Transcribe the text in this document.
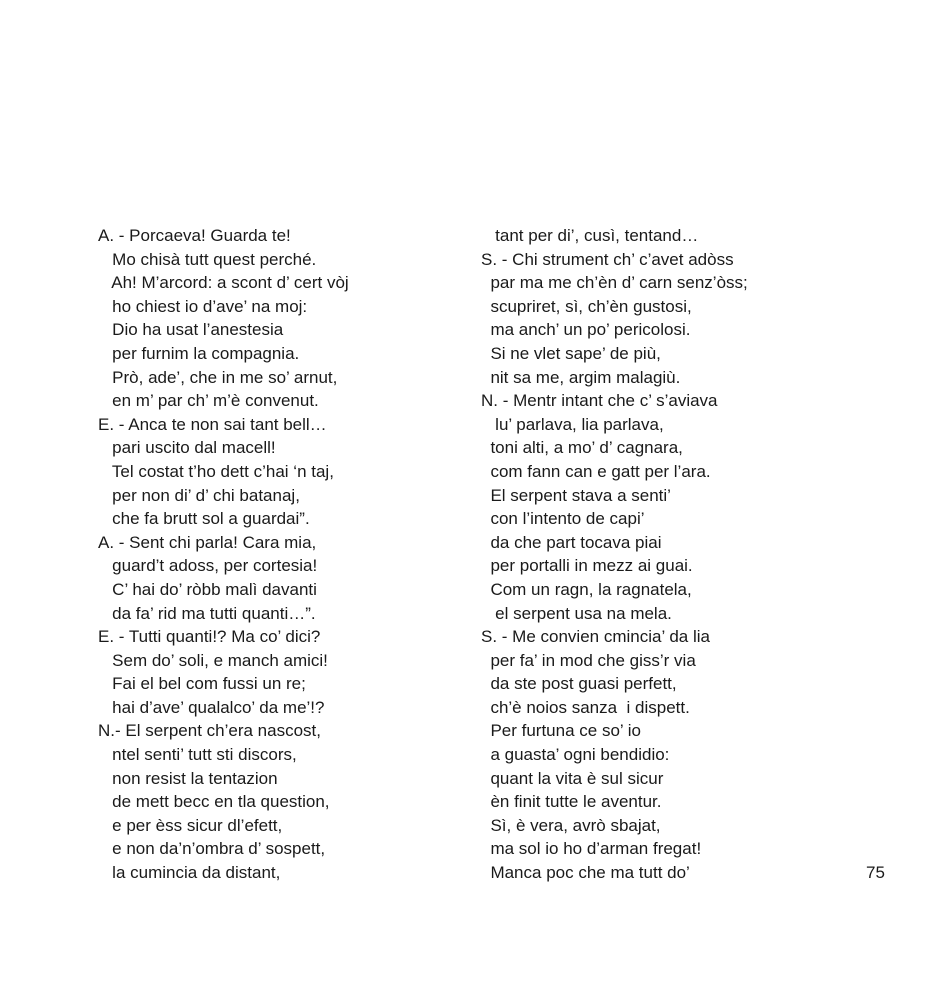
A. - Porcaeva! Guarda te!
Mo chisà tutt quest perché.
Ah! M’arcord: a scont d’ cert vòj
ho chiest io d’ave’ na moj:
Dio ha usat l’anestesia
per furnim la compagnia.
Prò, ade’, che in me so’ arnut,
en m’ par ch’ m’è convenut.
E. - Anca te non sai tant bell…
pari uscito dal macell!
Tel costat t’ho dett c’hai ‘n taj,
per non di’ d’ chi batanaj,
che fa brutt sol a guardai”.
A. - Sent chi parla! Cara mia,
guard’t adoss, per cortesia!
C’ hai do’ ròbb malì davanti
da fa’ rid ma tutti quanti…”.
E. - Tutti quanti!? Ma co’ dici?
Sem do’ soli, e manch amici!
Fai el bel com fussi un re;
hai d’ave’ qualalco’ da me’!?
N.- El serpent ch’era nascost,
ntel senti’ tutt sti discors,
non resist la tentazion
de mett becc en tla question,
e per èss sicur dl’efett,
e non da’n’ombra d’ sospett,
la cumincia da distant,
tant per di’, cusì, tentand…
S. - Chi strument ch’ c’avet adòss
par ma me ch’èn d’ carn senz’òss;
scupriret, sì, ch’èn gustosi,
ma anch’ un po’ pericolosi.
Si ne vlet sape’ de più,
nit sa me, argim malagiù.
N. - Mentr intant che c’ s’aviava
lu’ parlava, lia parlava,
toni alti, a mo’ d’ cagnara,
com fann can e gatt per l’ara.
El serpent stava a senti’
con l’intento de capi’
da che part tocava piai
per portalli in mezz ai guai.
Com un ragn, la ragnatela,
el serpent usa na mela.
S. - Me convien cmincia’ da lia
per fa’ in mod che giss’r via
da ste post guasi perfett,
ch’è noios sanza  i dispett.
Per furtuna ce so’ io
a guasta’ ogni bendidio:
quant la vita è sul sicur
èn finit tutte le aventur.
Sì, è vera, avrò sbajat,
ma sol io ho d’arman fregat!
Manca poc che ma tutt do’	75
